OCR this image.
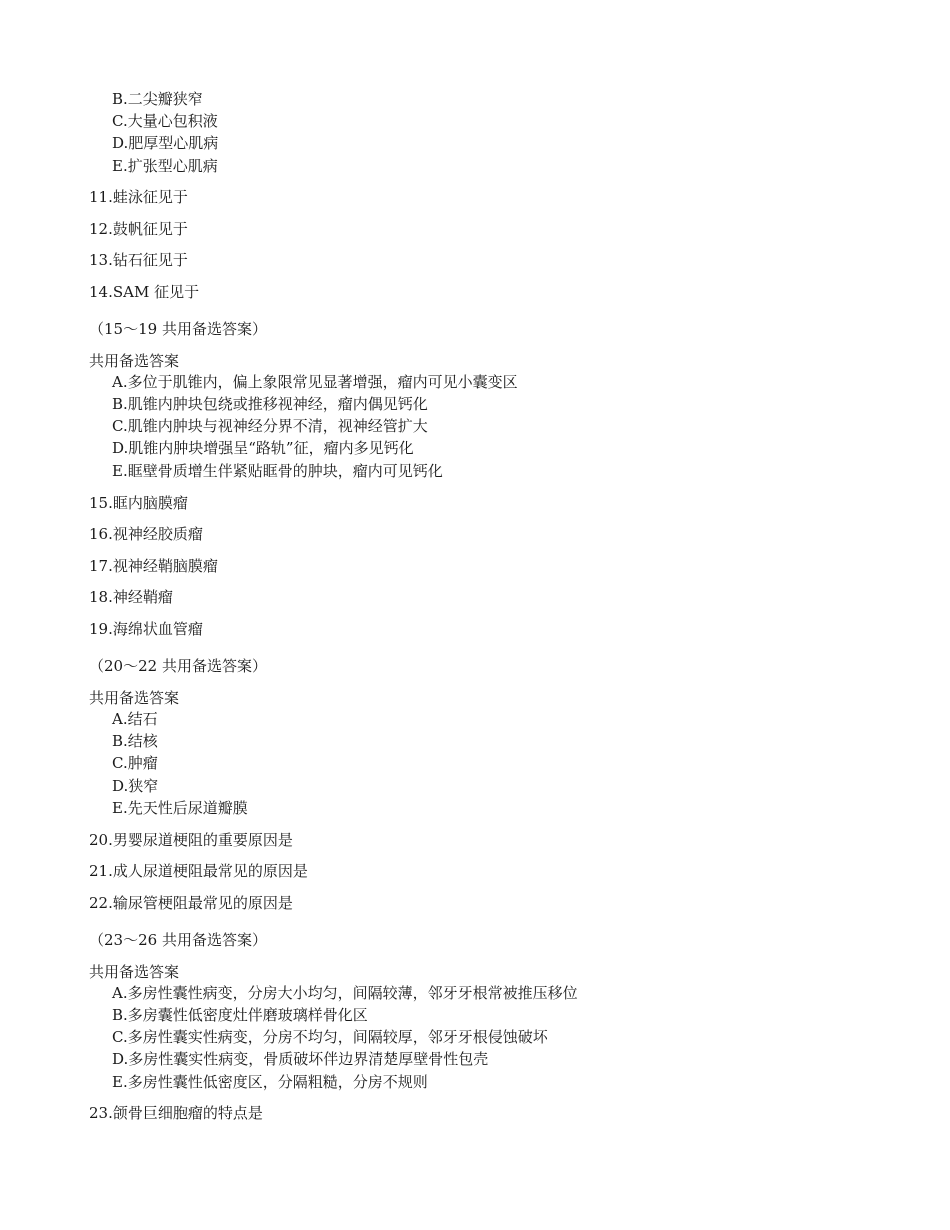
B.二尖瓣狭窄
C.大量心包积液
D.肥厚型心肌病
E.扩张型心肌病
11.蛙泳征见于
12.鼓帆征见于
13.钻石征见于
14.SAM 征见于
（15～19 共用备选答案）
共用备选答案
A.多位于肌锥内，偏上象限常见显著增强，瘤内可见小囊变区
B.肌锥内肿块包绕或推移视神经，瘤内偶见钙化
C.肌锥内肿块与视神经分界不清，视神经管扩大
D.肌锥内肿块增强呈“路轨”征，瘤内多见钙化
E.眶壁骨质增生伴紧贴眶骨的肿块，瘤内可见钙化
15.眶内脑膜瘤
16.视神经胶质瘤
17.视神经鞘脑膜瘤
18.神经鞘瘤
19.海绵状血管瘤
（20～22 共用备选答案）
共用备选答案
A.结石
B.结核
C.肿瘤
D.狭窄
E.先天性后尿道瓣膜
20.男婴尿道梗阻的重要原因是
21.成人尿道梗阻最常见的原因是
22.输尿管梗阻最常见的原因是
（23～26 共用备选答案）
共用备选答案
A.多房性囊性病变，分房大小均匀，间隔较薄，邻牙牙根常被推压移位
B.多房囊性低密度灶伴磨玻璃样骨化区
C.多房性囊实性病变，分房不均匀，间隔较厚，邻牙牙根侵蚀破坏
D.多房性囊实性病变，骨质破坏伴边界清楚厚壁骨性包壳
E.多房性囊性低密度区，分隔粗糙，分房不规则
23.颌骨巨细胞瘤的特点是
